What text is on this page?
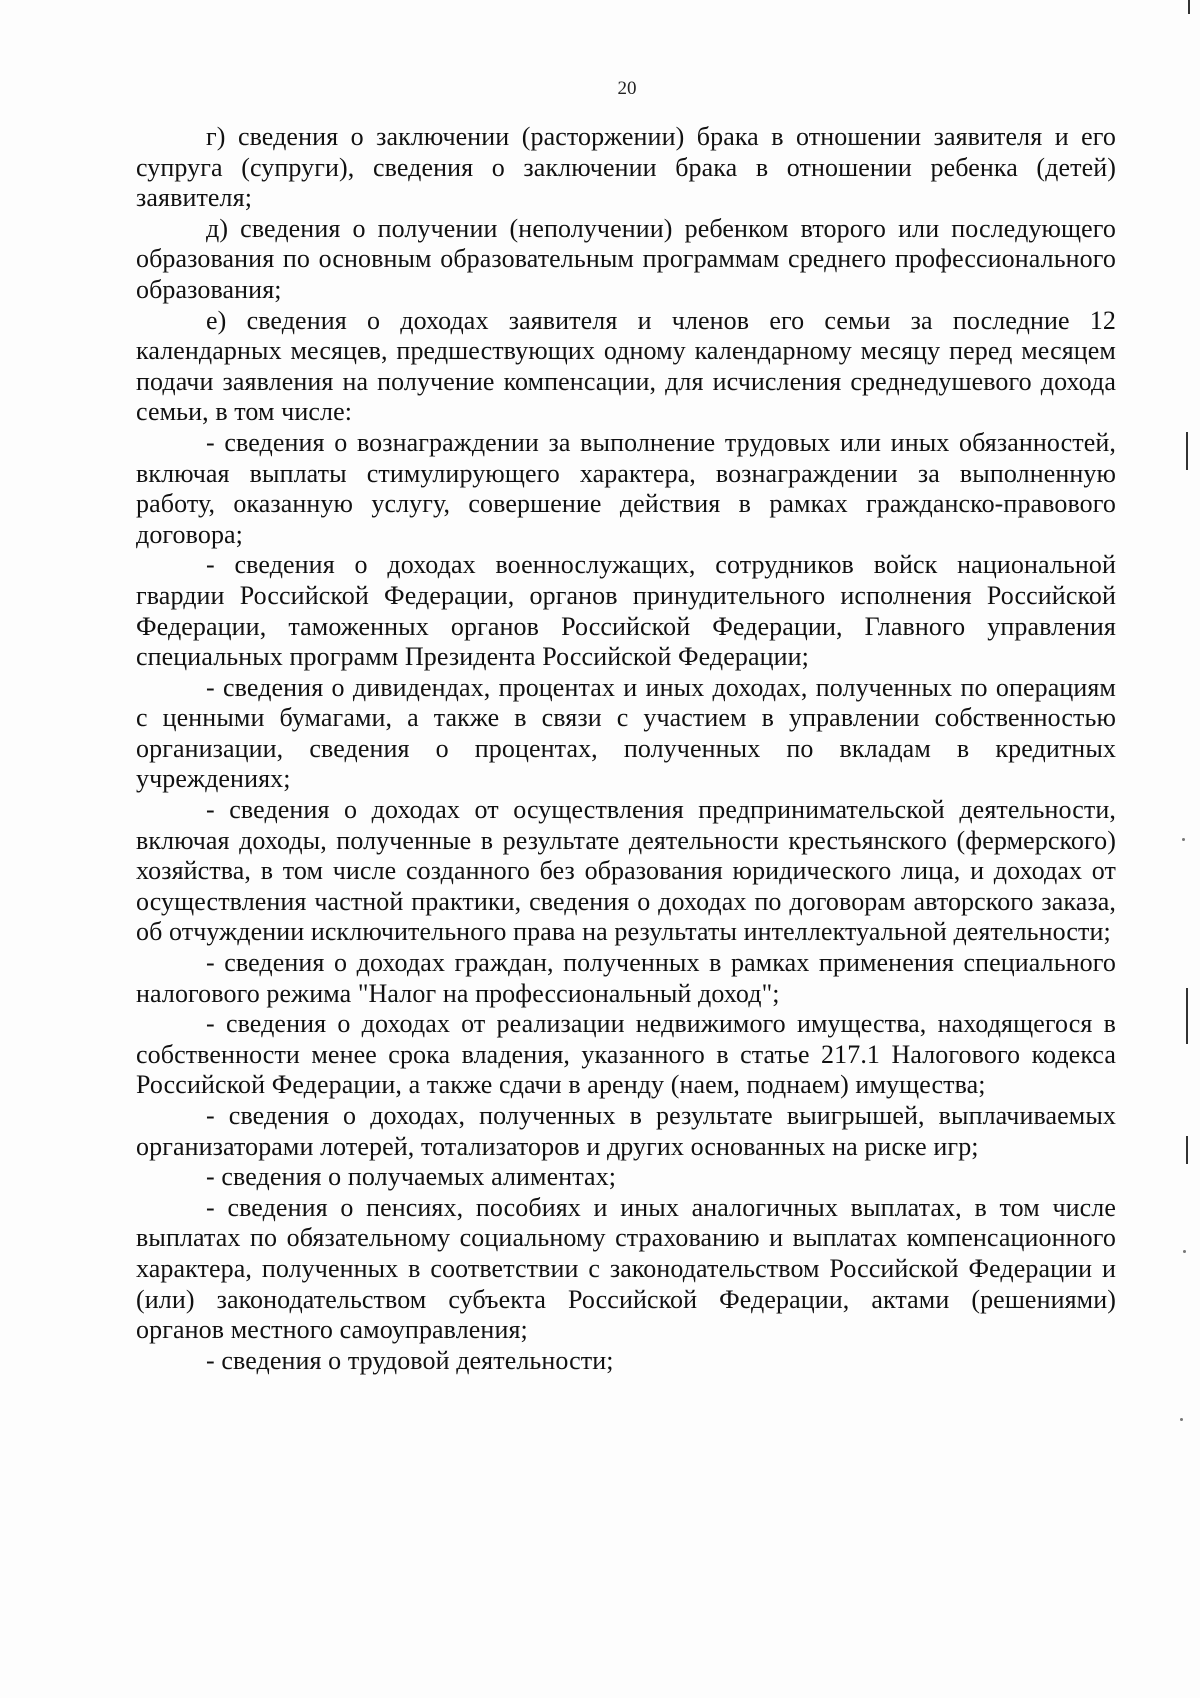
20

г) сведения о заключении (расторжении) брака в отношении заявителя и его супруга (супруги), сведения о заключении брака в отношении ребенка (детей) заявителя;

д) сведения о получении (неполучении) ребенком второго или последующего образования по основным образовательным программам среднего профессионального образования;

е) сведения о доходах заявителя и членов его семьи за последние 12 календарных месяцев, предшествующих одному календарному месяцу перед месяцем подачи заявления на получение компенсации, для исчисления среднедушевого дохода семьи, в том числе:

- сведения о вознаграждении за выполнение трудовых или иных обязанностей, включая выплаты стимулирующего характера, вознаграждении за выполненную работу, оказанную услугу, совершение действия в рамках гражданско-правового договора;

- сведения о доходах военнослужащих, сотрудников войск национальной гвардии Российской Федерации, органов принудительного исполнения Российской Федерации, таможенных органов Российской Федерации, Главного управления специальных программ Президента Российской Федерации;

- сведения о дивидендах, процентах и иных доходах, полученных по операциям с ценными бумагами, а также в связи с участием в управлении собственностью организации, сведения о процентах, полученных по вкладам в кредитных учреждениях;

- сведения о доходах от осуществления предпринимательской деятельности, включая доходы, полученные в результате деятельности крестьянского (фермерского) хозяйства, в том числе созданного без образования юридического лица, и доходах от осуществления частной практики, сведения о доходах по договорам авторского заказа, об отчуждении исключительного права на результаты интеллектуальной деятельности;

- сведения о доходах граждан, полученных в рамках применения специального налогового режима "Налог на профессиональный доход";

- сведения о доходах от реализации недвижимого имущества, находящегося в собственности менее срока владения, указанного в статье 217.1 Налогового кодекса Российской Федерации, а также сдачи в аренду (наем, поднаем) имущества;

- сведения о доходах, полученных в результате выигрышей, выплачиваемых организаторами лотерей, тотализаторов и других основанных на риске игр;

- сведения о получаемых алиментах;

- сведения о пенсиях, пособиях и иных аналогичных выплатах, в том числе выплатах по обязательному социальному страхованию и выплатах компенсационного характера, полученных в соответствии с законодательством Российской Федерации и (или) законодательством субъекта Российской Федерации, актами (решениями) органов местного самоуправления;

- сведения о трудовой деятельности;
